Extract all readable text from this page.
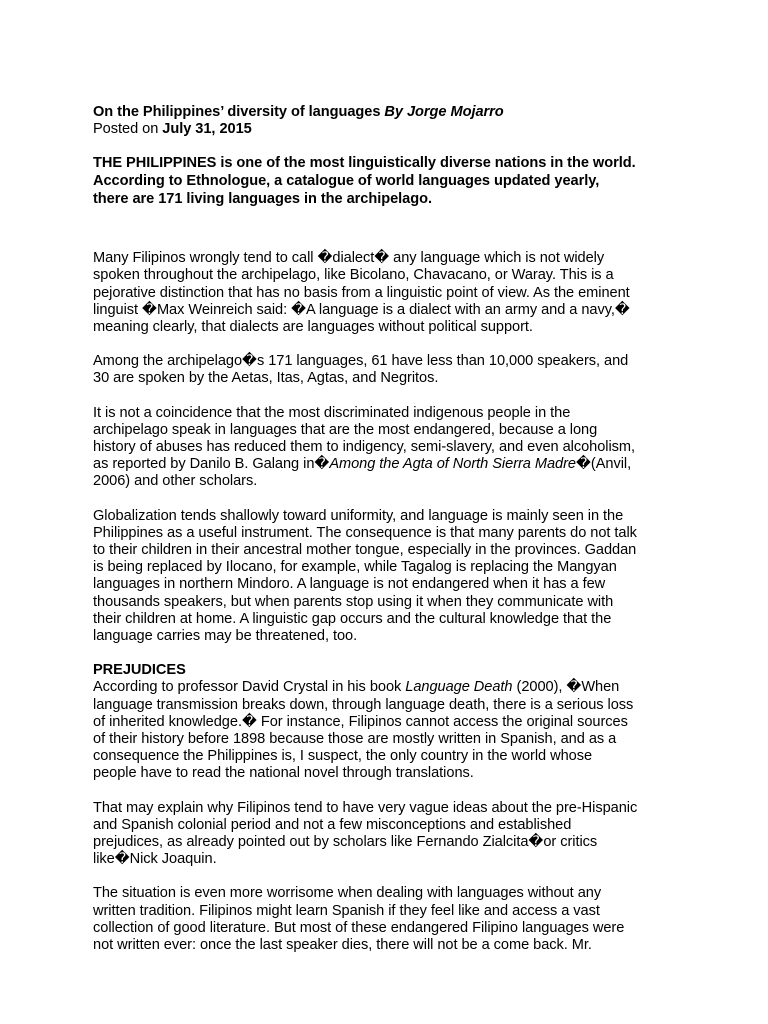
On the Philippines’ diversity of languages By Jorge Mojarro
Posted on July 31, 2015
THE PHILIPPINES is one of the most linguistically diverse nations in the world.
According to Ethnologue, a catalogue of world languages updated yearly,
there are 171 living languages in the archipelago.
Many Filipinos wrongly tend to call �dialect� any language which is not widely
spoken throughout the archipelago, like Bicolano, Chavacano, or Waray. This is a
pejorative distinction that has no basis from a linguistic point of view. As the eminent
linguist �Max Weinreich said: �A language is a dialect with an army and a navy,�
meaning clearly, that dialects are languages without political support.
Among the archipelago�s 171 languages, 61 have less than 10,000 speakers, and
30 are spoken by the Aetas, Itas, Agtas, and Negritos.
It is not a coincidence that the most discriminated indigenous people in the
archipelago speak in languages that are the most endangered, because a long
history of abuses has reduced them to indigency, semi-slavery, and even alcoholism,
as reported by Danilo B. Galang in�Among the Agta of North Sierra Madre�(Anvil,
2006) and other scholars.
Globalization tends shallowly toward uniformity, and language is mainly seen in the
Philippines as a useful instrument. The consequence is that many parents do not talk
to their children in their ancestral mother tongue, especially in the provinces. Gaddan
is being replaced by Ilocano, for example, while Tagalog is replacing the Mangyan
languages in northern Mindoro. A language is not endangered when it has a few
thousands speakers, but when parents stop using it when they communicate with
their children at home. A linguistic gap occurs and the cultural knowledge that the
language carries may be threatened, too.
PREJUDICES
According to professor David Crystal in his book Language Death (2000), �When
language transmission breaks down, through language death, there is a serious loss
of inherited knowledge.� For instance, Filipinos cannot access the original sources
of their history before 1898 because those are mostly written in Spanish, and as a
consequence the Philippines is, I suspect, the only country in the world whose
people have to read the national novel through translations.
That may explain why Filipinos tend to have very vague ideas about the pre-Hispanic
and Spanish colonial period and not a few misconceptions and established
prejudices, as already pointed out by scholars like Fernando Zialcita�or critics
like�Nick Joaquin.
The situation is even more worrisome when dealing with languages without any
written tradition. Filipinos might learn Spanish if they feel like and access a vast
collection of good literature. But most of these endangered Filipino languages were
not written ever: once the last speaker dies, there will not be a come back. Mr.
